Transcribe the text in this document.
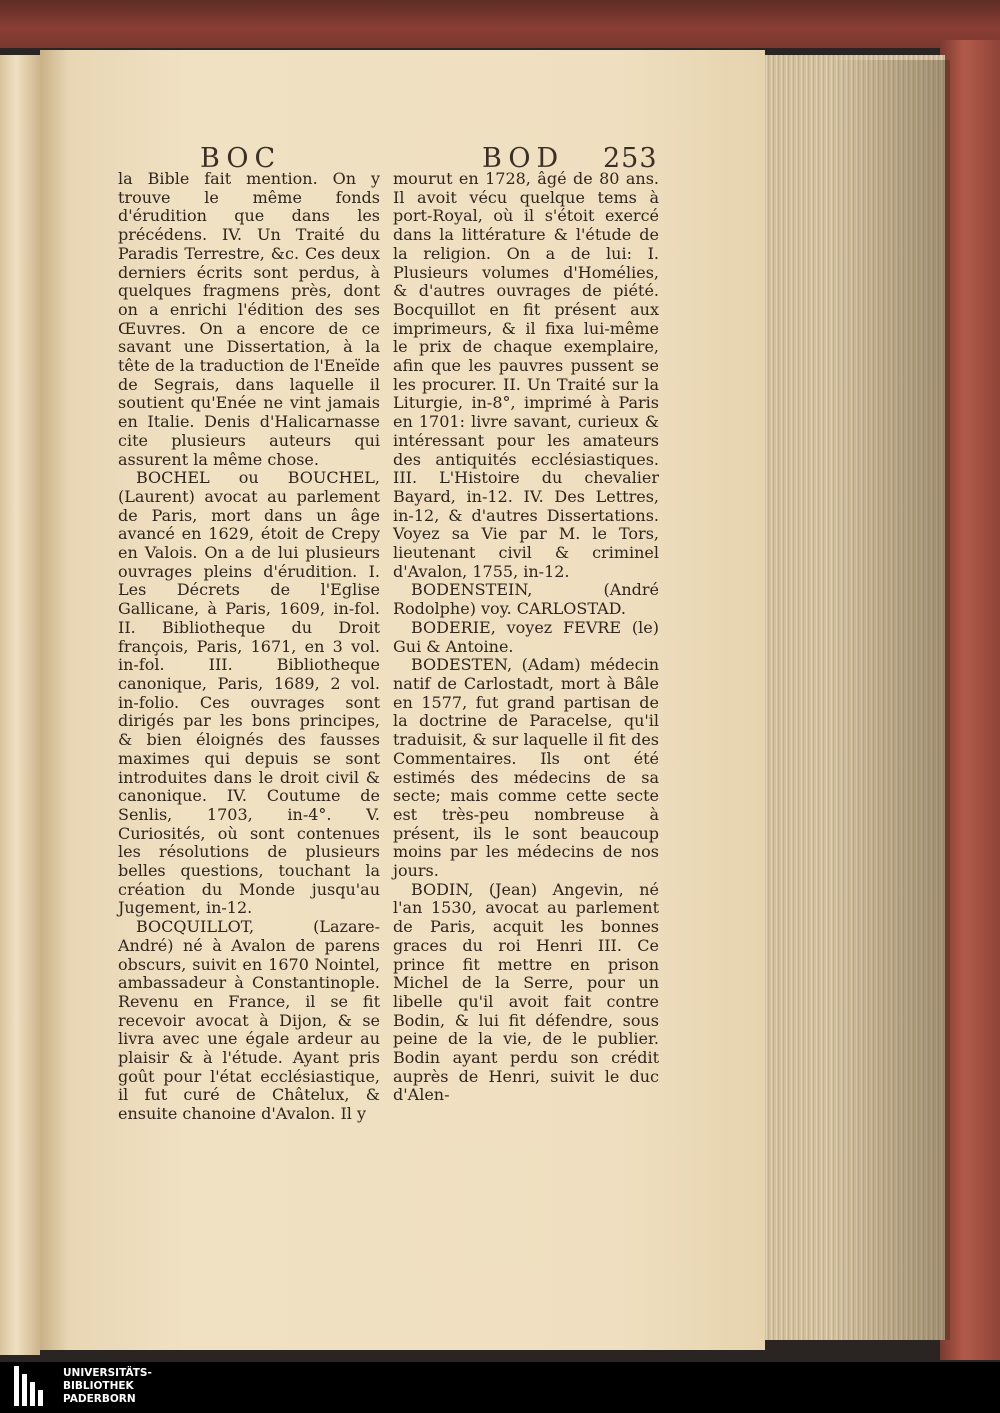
BOC	BOD 253

la Bible fait mention. On y trouve le même fonds d'érudition que dans les précédens. IV. Un Traité du Paradis Terrestre, &c. Ces deux derniers écrits sont perdus, à quelques fragmens près, dont on a enrichi l'édition des ses Œuvres. On a encore de ce savant une Dissertation, à la tête de la traduction de l'Eneïde de Segrais, dans laquelle il soutient qu'Enée ne vint jamais en Italie. Denis d'Halicarnasse cite plusieurs auteurs qui assurent la même chose.

BOCHEL ou BOUCHEL, (Laurent) avocat au parlement de Paris, mort dans un âge avancé en 1629, étoit de Crepy en Valois. On a de lui plusieurs ouvrages pleins d'érudition. I. Les Décrets de l'Eglise Gallicane, à Paris, 1609, in-fol. II. Bibliotheque du Droit françois, Paris, 1671, en 3 vol. in-fol. III. Bibliotheque canonique, Paris, 1689, 2 vol. in-folio. Ces ouvrages sont dirigés par les bons principes, & bien éloignés des fausses maximes qui depuis se sont introduites dans le droit civil & canonique. IV. Coutume de Senlis, 1703, in-4°. V. Curiosités, où sont contenues les résolutions de plusieurs belles questions, touchant la création du Monde jusqu'au Jugement, in-12.

BOCQUILLOT, (Lazare-André) né à Avalon de parens obscurs, suivit en 1670 Nointel, ambassadeur à Constantinople. Revenu en France, il se fit recevoir avocat à Dijon, & se livra avec une égale ardeur au plaisir & à l'étude. Ayant pris goût pour l'état ecclésiastique, il fut curé de Châtelux, & ensuite chanoine d'Avalon. Il y

mourut en 1728, âgé de 80 ans. Il avoit vécu quelque tems à port-Royal, où il s'étoit exercé dans la littérature & l'étude de la religion. On a de lui: I. Plusieurs volumes d'Homélies, & d'autres ouvrages de piété. Bocquillot en fit présent aux imprimeurs, & il fixa lui-même le prix de chaque exemplaire, afin que les pauvres pussent se les procurer. II. Un Traité sur la Liturgie, in-8°, imprimé à Paris en 1701: livre savant, curieux & intéressant pour les amateurs des antiquités ecclésiastiques. III. L'Histoire du chevalier Bayard, in-12. IV. Des Lettres, in-12, & d'autres Dissertations. Voyez sa Vie par M. le Tors, lieutenant civil & criminel d'Avalon, 1755, in-12.

BODENSTEIN, (André Rodolphe) voy. CARLOSTAD.

BODERIE, voyez FEVRE (le) Gui & Antoine.

BODESTEN, (Adam) médecin natif de Carlostadt, mort à Bâle en 1577, fut grand partisan de la doctrine de Paracelse, qu'il traduisit, & sur laquelle il fit des Commentaires. Ils ont été estimés des médecins de sa secte; mais comme cette secte est très-peu nombreuse à présent, ils le sont beaucoup moins par les médecins de nos jours.

BODIN, (Jean) Angevin, né l'an 1530, avocat au parlement de Paris, acquit les bonnes graces du roi Henri III. Ce prince fit mettre en prison Michel de la Serre, pour un libelle qu'il avoit fait contre Bodin, & lui fit défendre, sous peine de la vie, de le publier. Bodin ayant perdu son crédit auprès de Henri, suivit le duc d'Alen-

UNIVERSITÄTS-
BIBLIOTHEK
PADERBORN
